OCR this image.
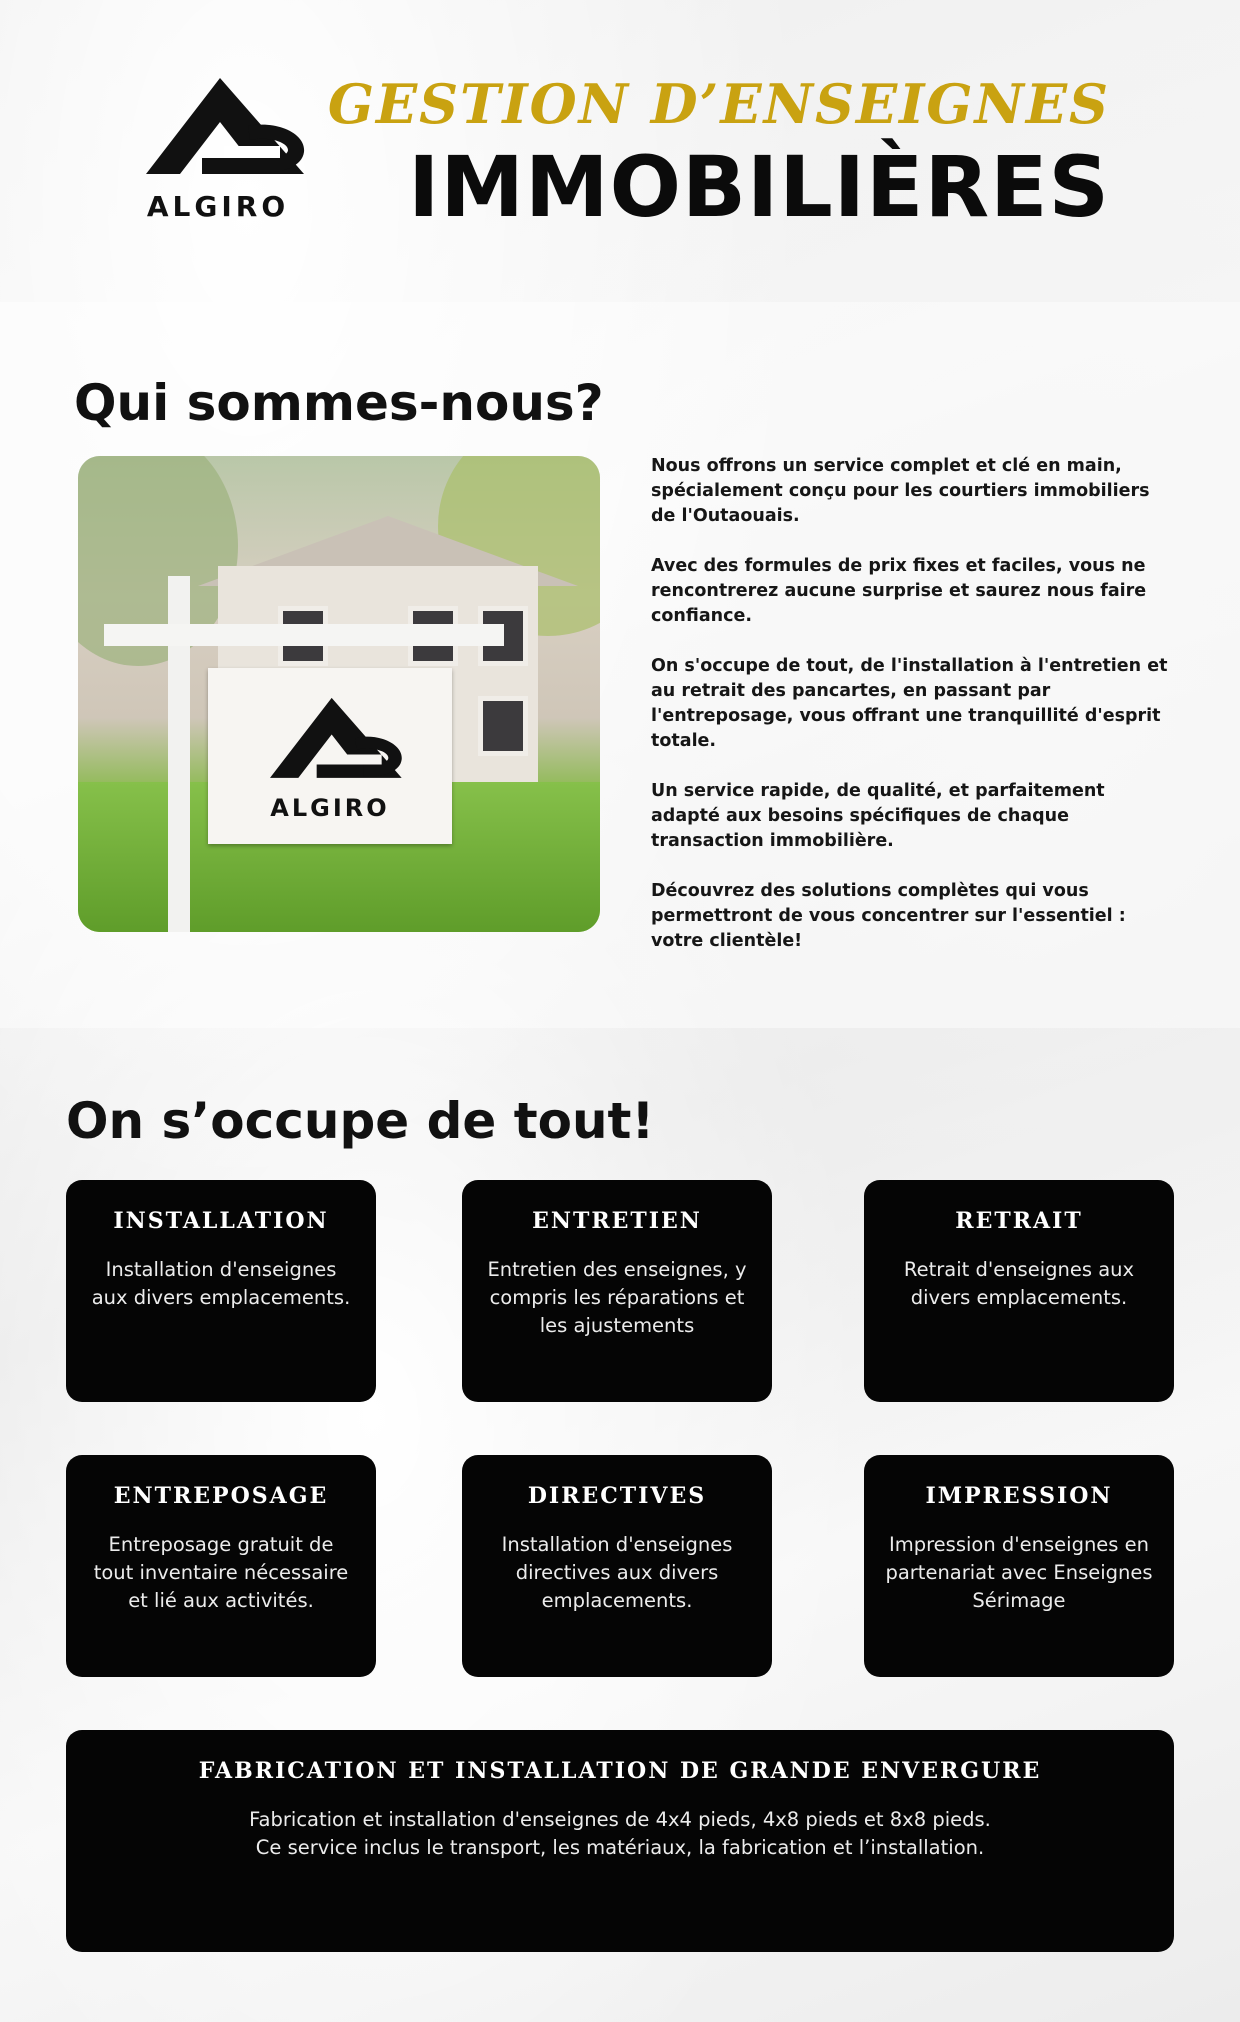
ALGIRO
GESTION D’ENSEIGNES
IMMOBILIÈRES
Qui sommes-nous?
ALGIRO

Nous offrons un service complet et clé en main, spécialement conçu pour les courtiers immobiliers de l'Outaouais.

Avec des formules de prix fixes et faciles, vous ne rencontrerez aucune surprise et saurez nous faire confiance.

On s'occupe de tout, de l'installation à l'entretien et au retrait des pancartes, en passant par l'entreposage, vous offrant une tranquillité d'esprit totale.

Un service rapide, de qualité, et parfaitement adapté aux besoins spécifiques de chaque transaction immobilière.

Découvrez des solutions complètes qui vous permettront de vous concentrer sur l'essentiel : votre clientèle!

On s’occupe de tout!
INSTALLATION
Installation d'enseignes aux divers emplacements.
ENTRETIEN
Entretien des enseignes, y compris les réparations et les ajustements
RETRAIT
Retrait d'enseignes aux divers emplacements.
ENTREPOSAGE
Entreposage gratuit de tout inventaire nécessaire et lié aux activités.
DIRECTIVES
Installation d'enseignes directives aux divers emplacements.
IMPRESSION
Impression d'enseignes en partenariat avec Enseignes Sérimage
FABRICATION ET INSTALLATION DE GRANDE ENVERGURE
Fabrication et installation d'enseignes de 4x4 pieds, 4x8 pieds et 8x8 pieds.
Ce service inclus le transport, les matériaux, la fabrication et l’installation.
